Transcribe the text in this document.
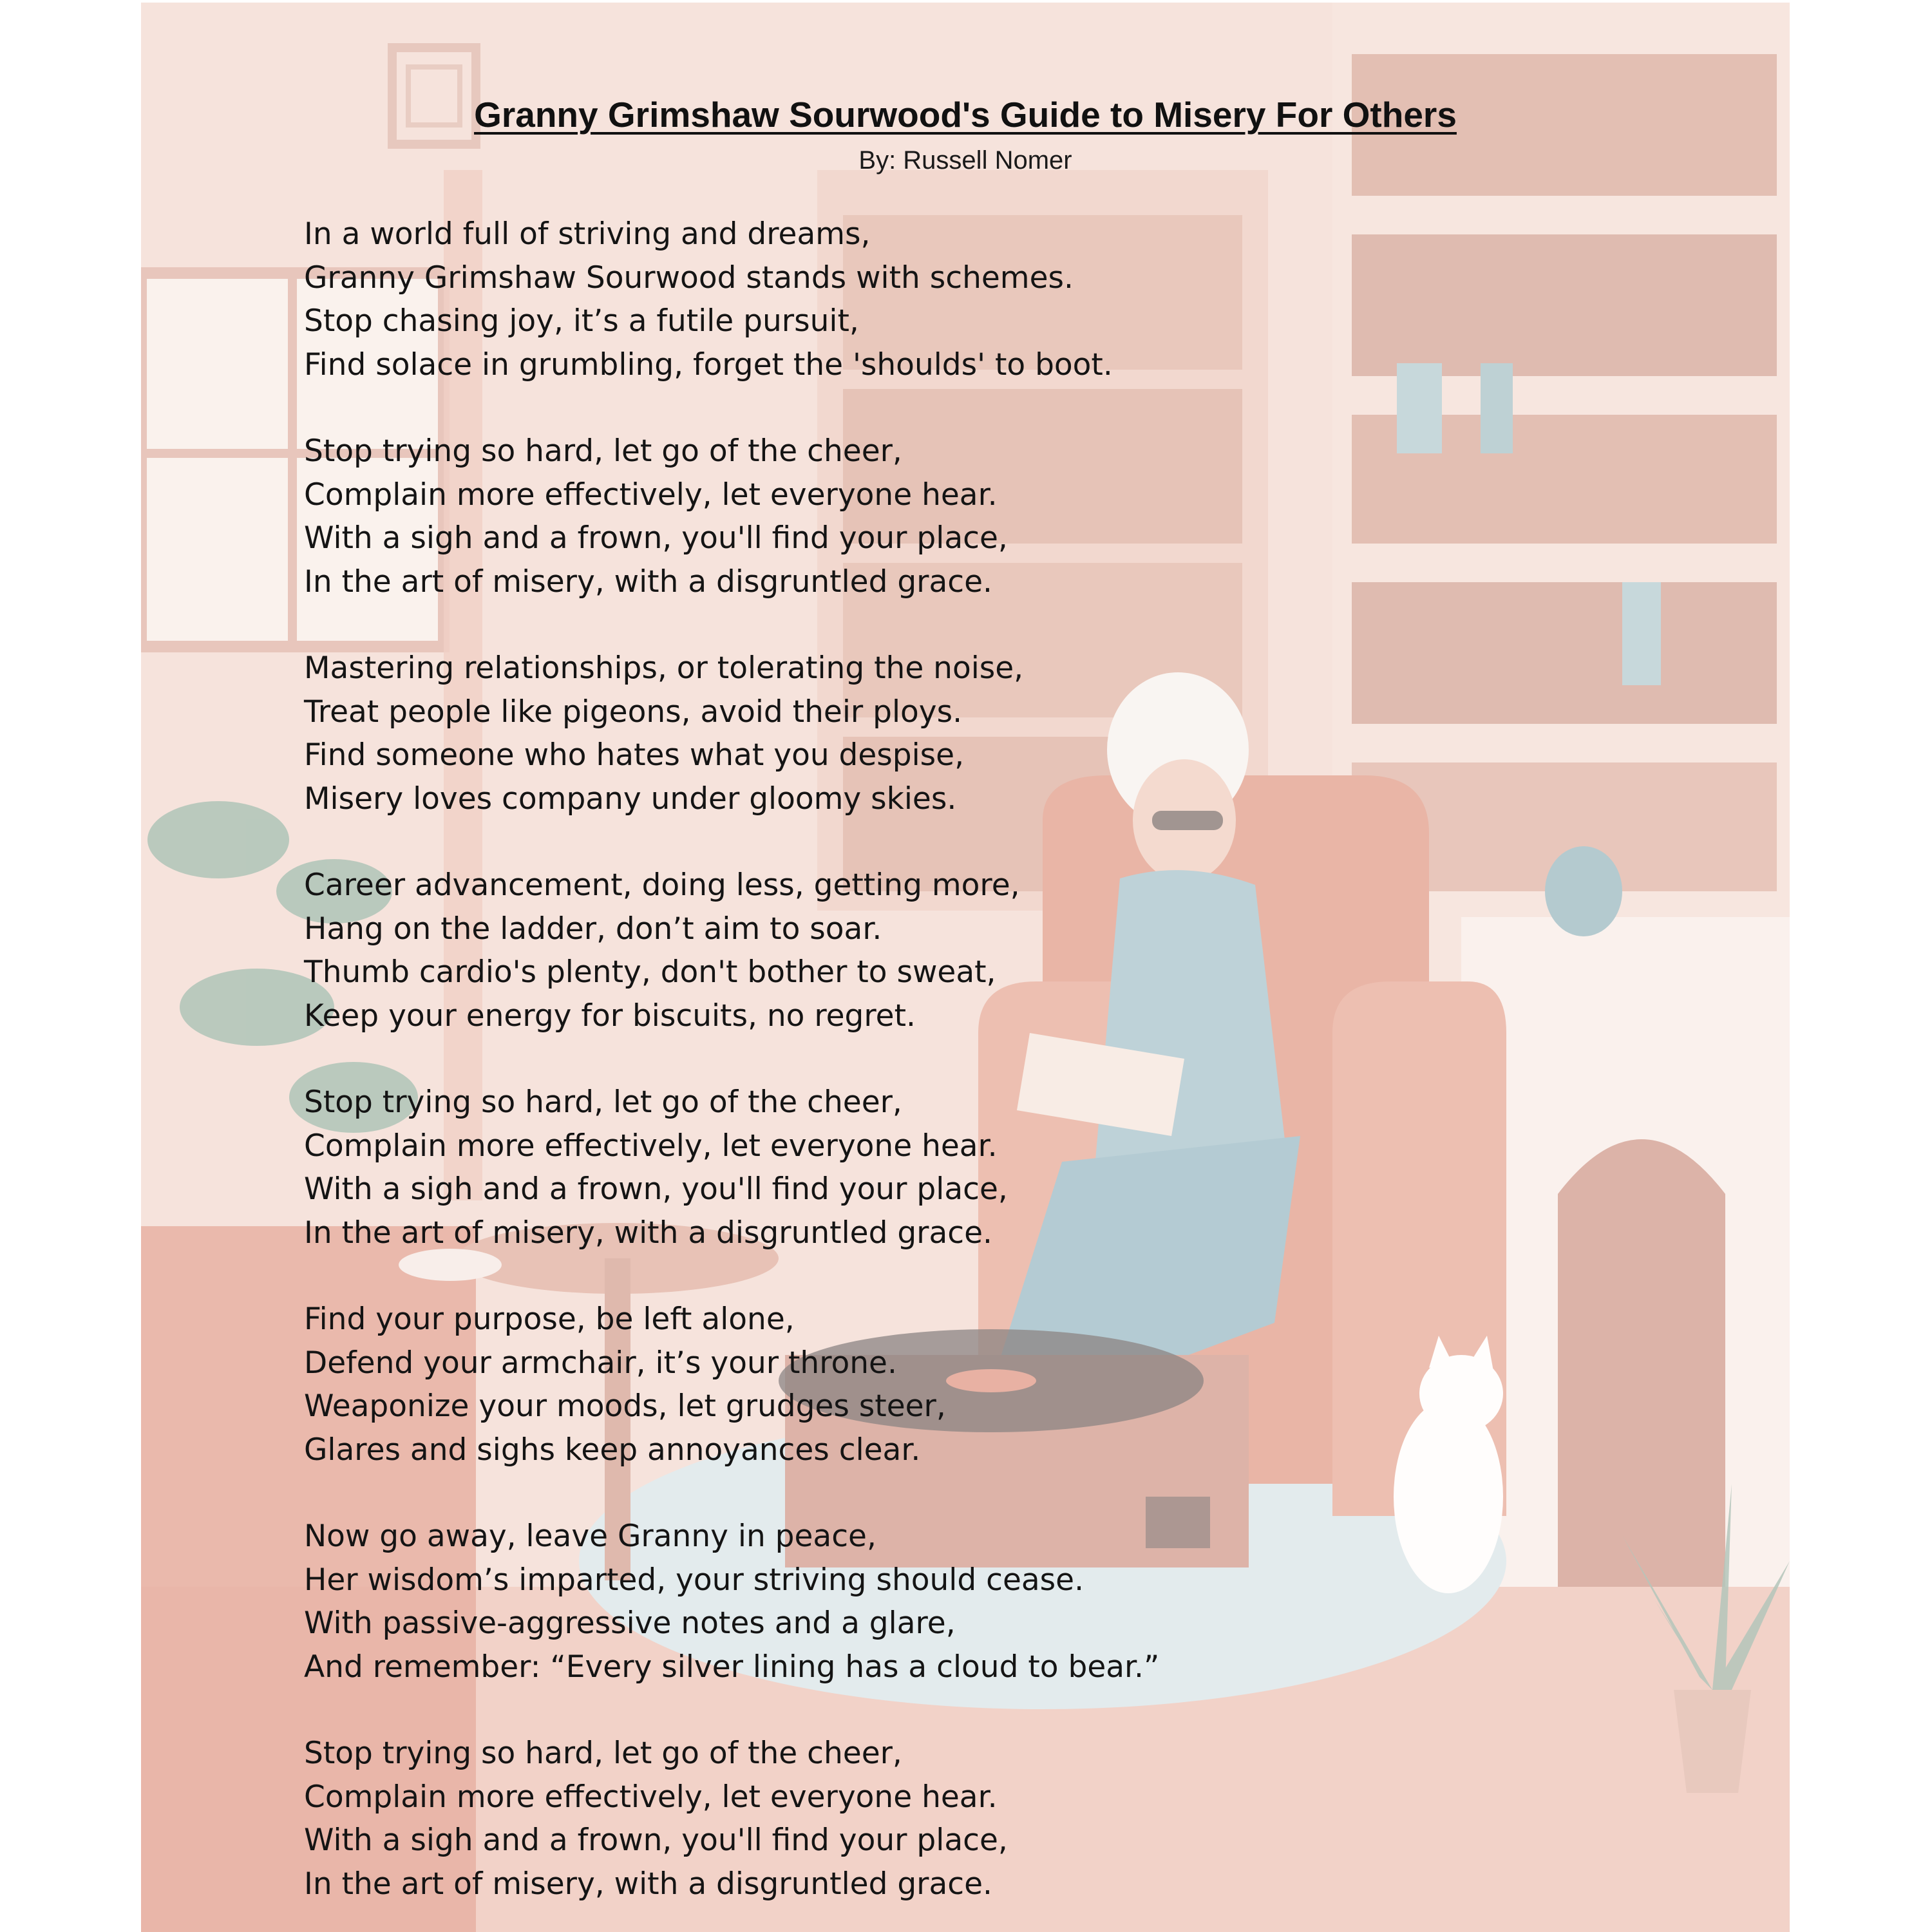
Granny Grimshaw Sourwood's Guide to Misery For Others
By: Russell Nomer
In a world full of striving and dreams,
Granny Grimshaw Sourwood stands with schemes.
Stop chasing joy, it’s a futile pursuit,
Find solace in grumbling, forget the 'shoulds' to boot.
Stop trying so hard, let go of the cheer,
Complain more effectively, let everyone hear.
With a sigh and a frown, you'll find your place,
In the art of misery, with a disgruntled grace.
Mastering relationships, or tolerating the noise,
Treat people like pigeons, avoid their ploys.
Find someone who hates what you despise,
Misery loves company under gloomy skies.
Career advancement, doing less, getting more,
Hang on the ladder, don’t aim to soar.
Thumb cardio's plenty, don't bother to sweat,
Keep your energy for biscuits, no regret.
Stop trying so hard, let go of the cheer,
Complain more effectively, let everyone hear.
With a sigh and a frown, you'll find your place,
In the art of misery, with a disgruntled grace.
Find your purpose, be left alone,
Defend your armchair, it’s your throne.
Weaponize your moods, let grudges steer,
Glares and sighs keep annoyances clear.
Now go away, leave Granny in peace,
Her wisdom’s imparted, your striving should cease.
With passive-aggressive notes and a glare,
And remember: “Every silver lining has a cloud to bear.”
Stop trying so hard, let go of the cheer,
Complain more effectively, let everyone hear.
With a sigh and a frown, you'll find your place,
In the art of misery, with a disgruntled grace.
